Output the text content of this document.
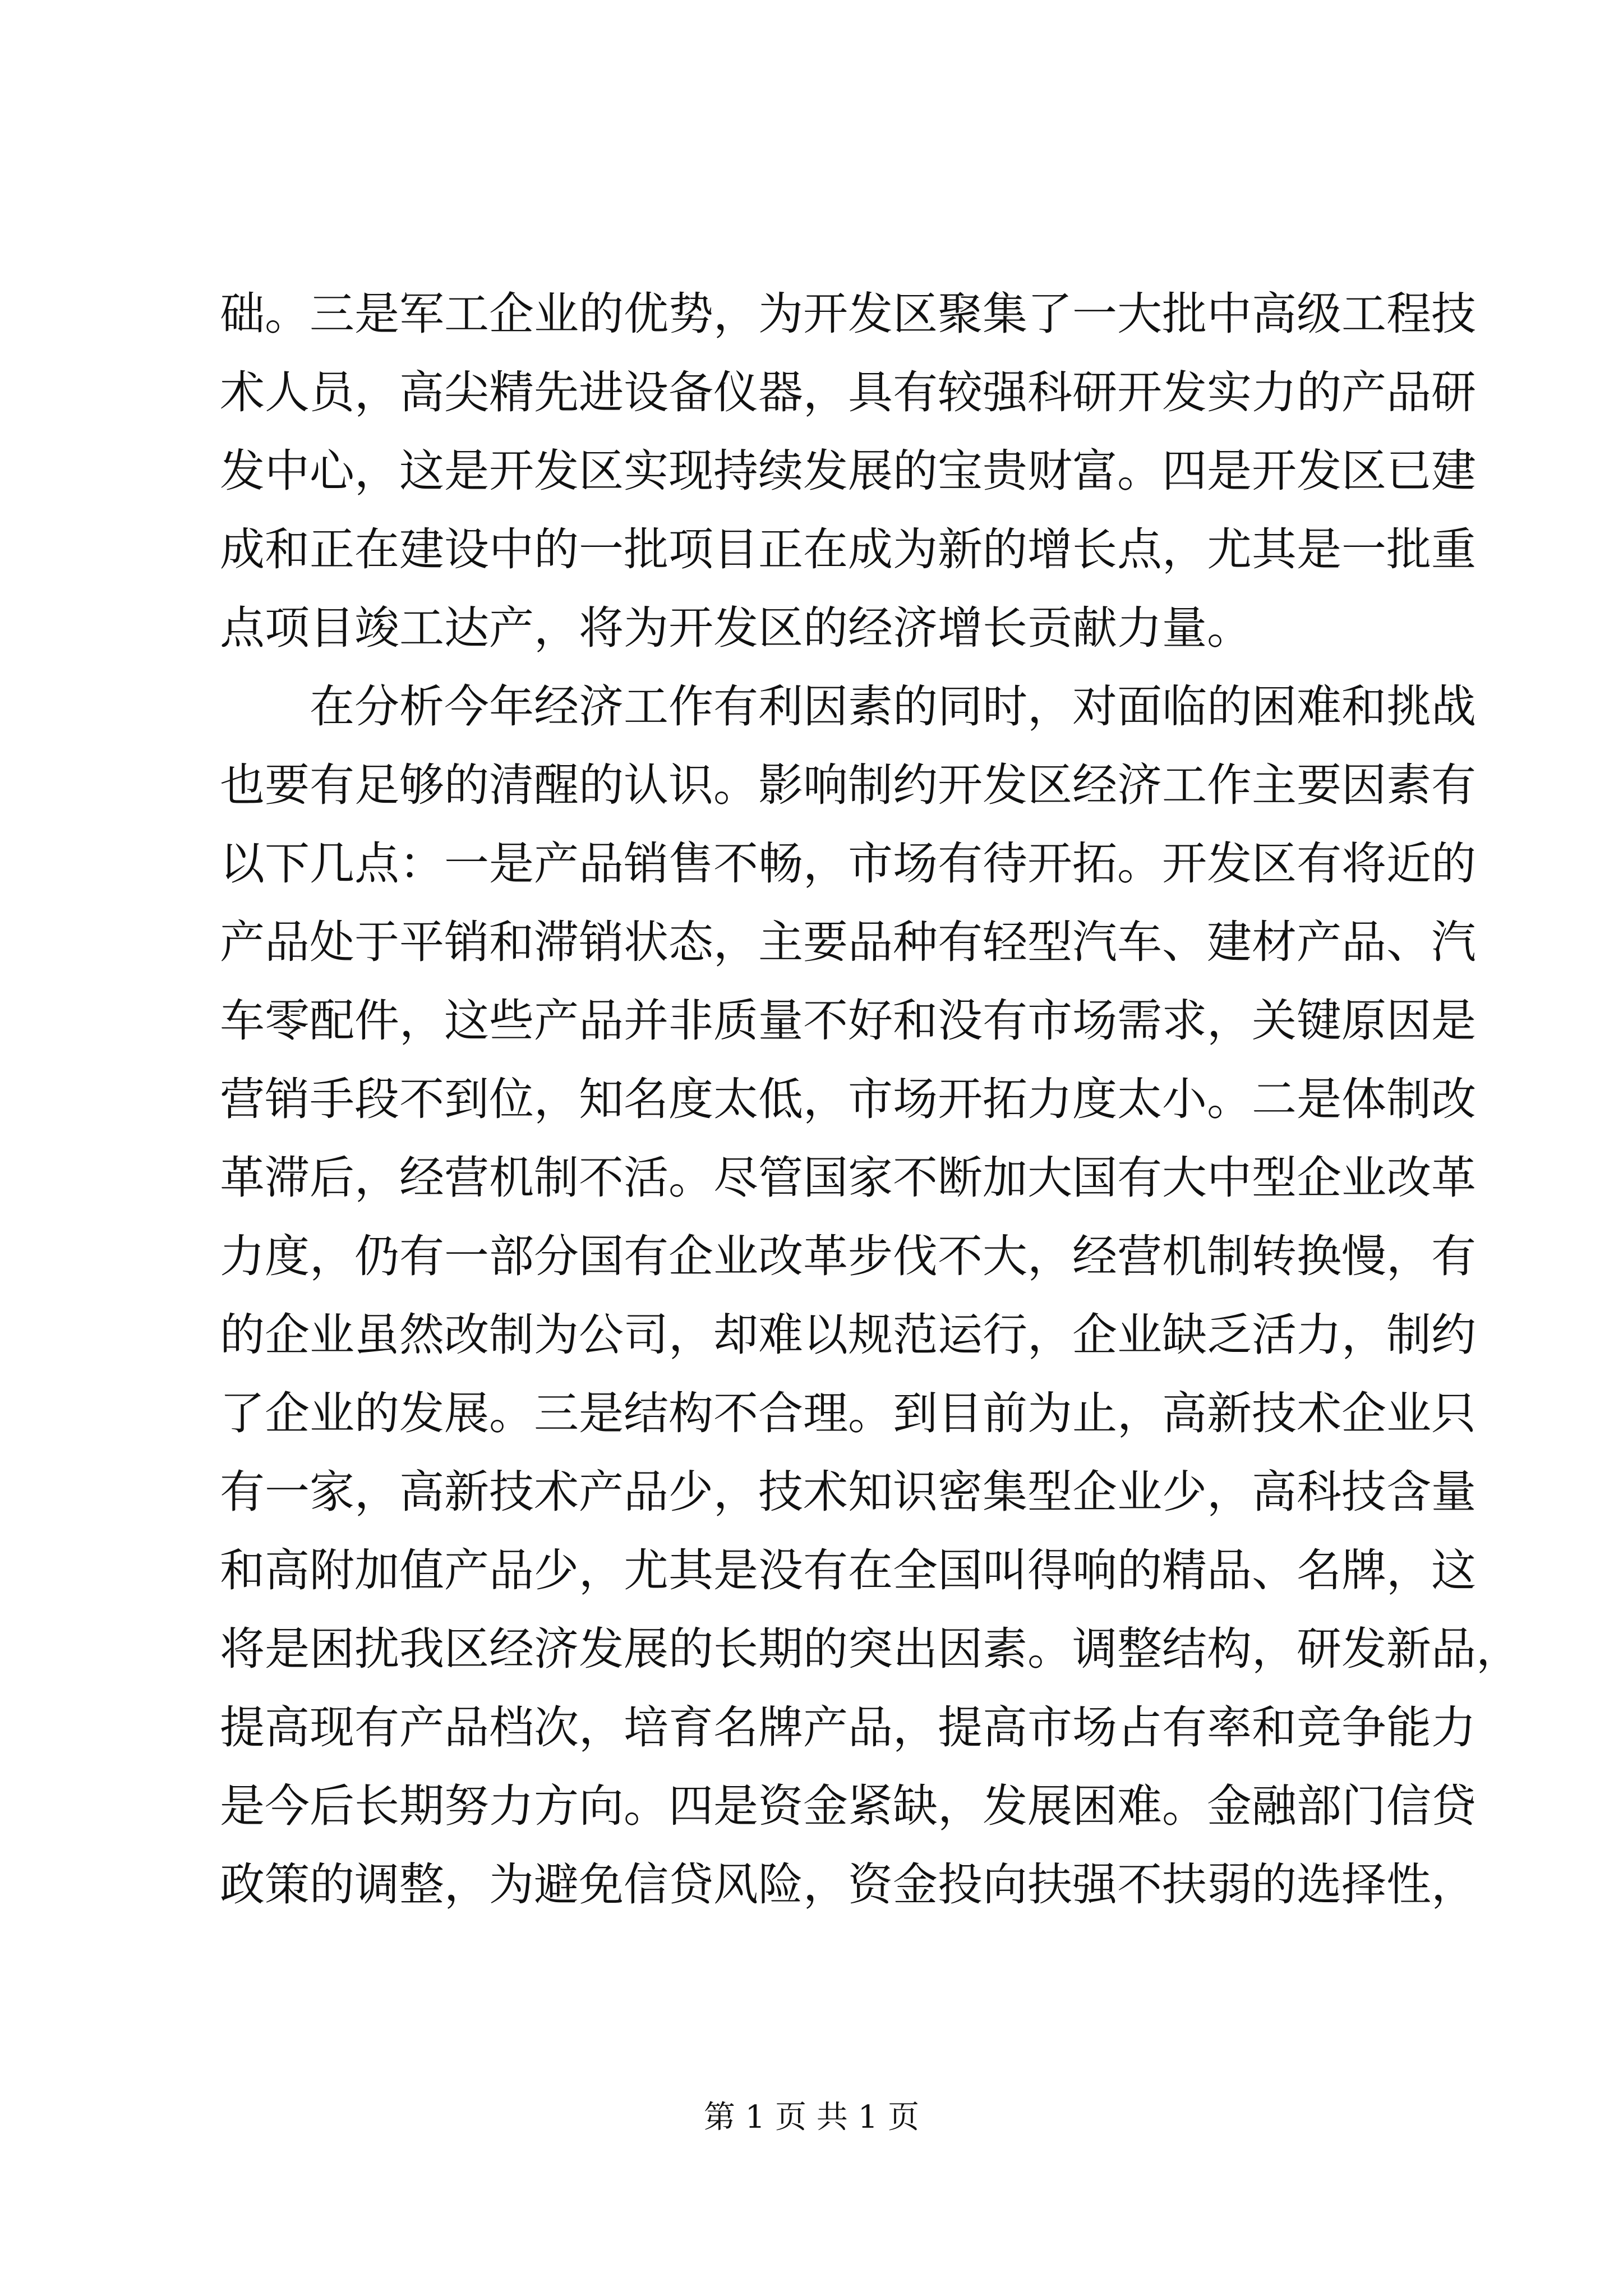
础。三是军工企业的优势，为开发区聚集了一大批中高级工程技
术人员，高尖精先进设备仪器，具有较强科研开发实力的产品研
发中心，这是开发区实现持续发展的宝贵财富。四是开发区已建
成和正在建设中的一批项目正在成为新的增长点，尤其是一批重
点项目竣工达产，将为开发区的经济增长贡献力量。
　　在分析今年经济工作有利因素的同时，对面临的困难和挑战
也要有足够的清醒的认识。影响制约开发区经济工作主要因素有
以下几点：一是产品销售不畅，市场有待开拓。开发区有将近的
产品处于平销和滞销状态，主要品种有轻型汽车、建材产品、汽
车零配件，这些产品并非质量不好和没有市场需求，关键原因是
营销手段不到位，知名度太低，市场开拓力度太小。二是体制改
革滞后，经营机制不活。尽管国家不断加大国有大中型企业改革
力度，仍有一部分国有企业改革步伐不大，经营机制转换慢，有
的企业虽然改制为公司，却难以规范运行，企业缺乏活力，制约
了企业的发展。三是结构不合理。到目前为止，高新技术企业只
有一家，高新技术产品少，技术知识密集型企业少，高科技含量
和高附加值产品少，尤其是没有在全国叫得响的精品、名牌，这
将是困扰我区经济发展的长期的突出因素。调整结构，研发新品，
提高现有产品档次，培育名牌产品，提高市场占有率和竞争能力
是今后长期努力方向。四是资金紧缺，发展困难。金融部门信贷
政策的调整，为避免信贷风险，资金投向扶强不扶弱的选择性，
第 1 页 共 1 页
